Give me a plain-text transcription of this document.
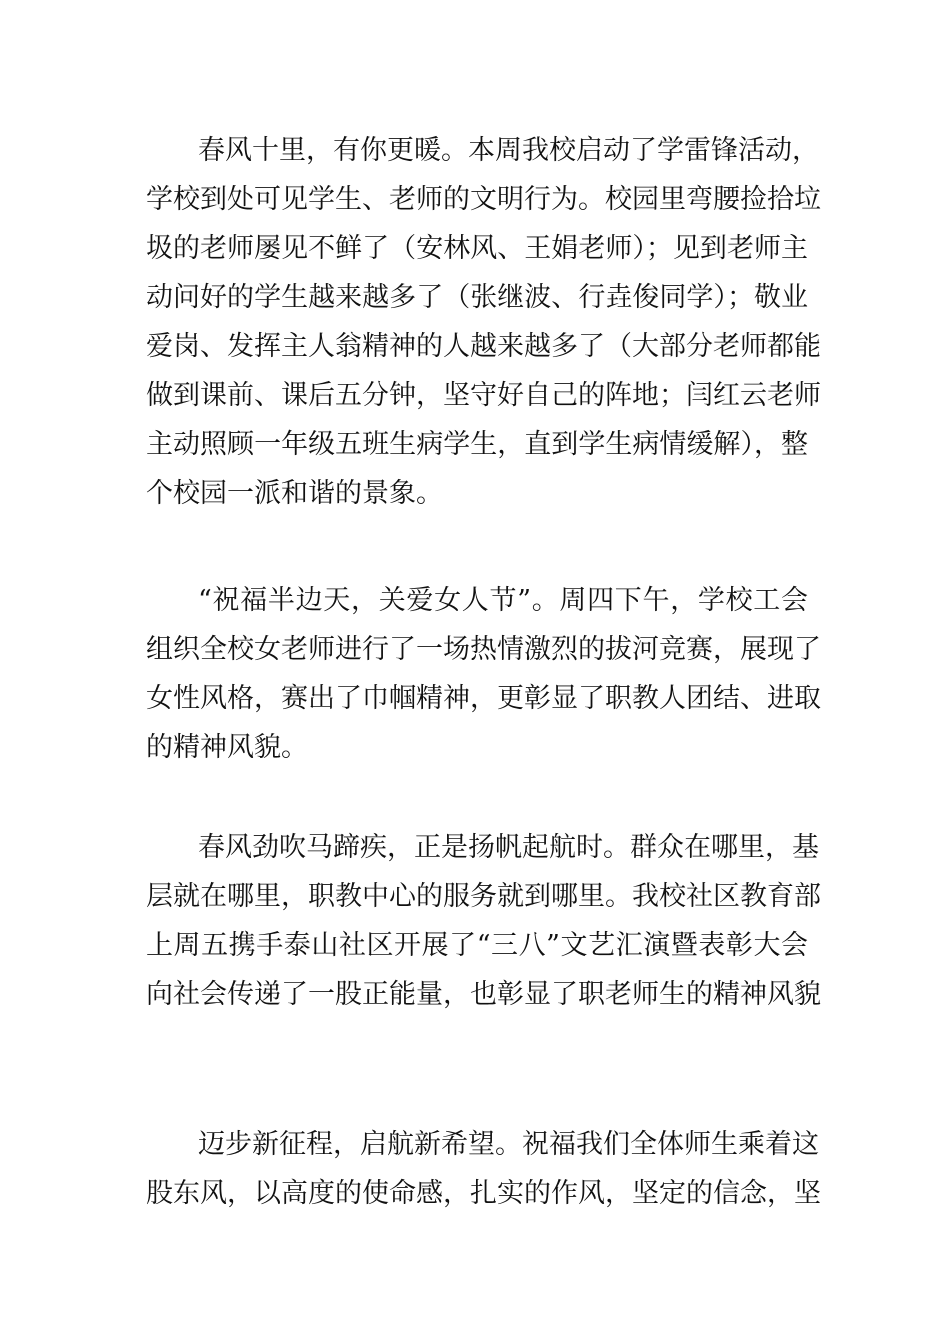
春风十里，有你更暖。本周我校启动了学雷锋活动，
学校到处可见学生、老师的文明行为。校园里弯腰捡拾垃
圾的老师屡见不鲜了（安林风、王娟老师）；见到老师主
动问好的学生越来越多了（张继波、行垚俊同学）；敬业
爱岗、发挥主人翁精神的人越来越多了（大部分老师都能
做到课前、课后五分钟，坚守好自己的阵地；闫红云老师
主动照顾一年级五班生病学生，直到学生病情缓解），整
个校园一派和谐的景象。
“祝福半边天，关爱女人节”。周四下午，学校工会
组织全校女老师进行了一场热情激烈的拔河竞赛，展现了
女性风格，赛出了巾帼精神，更彰显了职教人团结、进取
的精神风貌。
春风劲吹马蹄疾，正是扬帆起航时。群众在哪里，基
层就在哪里，职教中心的服务就到哪里。我校社区教育部
上周五携手泰山社区开展了“三八”文艺汇演暨表彰大会
向社会传递了一股正能量，也彰显了职老师生的精神风貌
迈步新征程，启航新希望。祝福我们全体师生乘着这
股东风，以高度的使命感，扎实的作风，坚定的信念，坚
